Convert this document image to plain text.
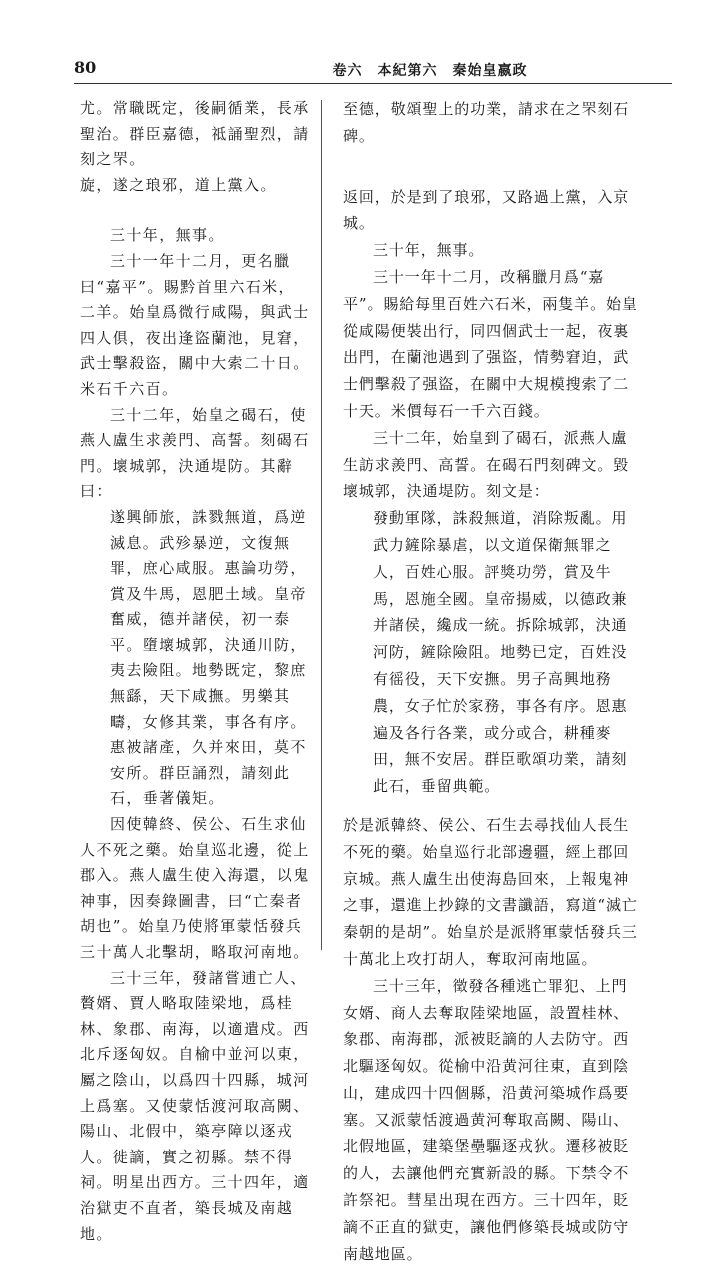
80	卷六　本紀第六　秦始皇嬴政

尤。常職既定，後嗣循業，長承聖治。群臣嘉德，祗誦聖烈，請刻之罘。

旋，遂之琅邪，道上黨入。

三十年，無事。

三十一年十二月，更名臘曰“嘉平”。賜黔首里六石米，二羊。始皇爲微行咸陽，與武士四人俱，夜出逢盜蘭池，見窘，武士擊殺盜，關中大索二十日。米石千六百。

三十二年，始皇之碣石，使燕人盧生求羨門、高誓。刻碣石門。壞城郭，決通堤防。其辭曰：

遂興師旅，誅戮無道，爲逆滅息。武殄暴逆，文復無罪，庶心咸服。惠論功勞，賞及牛馬，恩肥土域。皇帝奮威，德并諸侯，初一泰平。墮壞城郭，決通川防，夷去險阻。地勢既定，黎庶無繇，天下咸撫。男樂其疇，女修其業，事各有序。惠被諸產，久并來田，莫不安所。群臣誦烈，請刻此石，垂著儀矩。

因使韓終、侯公、石生求仙人不死之藥。始皇巡北邊，從上郡入。燕人盧生使入海還，以鬼神事，因奏錄圖書，曰“亡秦者胡也”。始皇乃使將軍蒙恬發兵三十萬人北擊胡，略取河南地。

三十三年，發諸嘗逋亡人、贅婿、賈人略取陸梁地，爲桂林、象郡、南海，以適遣戍。西北斥逐匈奴。自榆中並河以東，屬之陰山，以爲四十四縣，城河上爲塞。又使蒙恬渡河取高闕、陽山、北假中，築亭障以逐戎人。徙謫，實之初縣。禁不得祠。明星出西方。三十四年，適治獄吏不直者，築長城及南越地。

至德，敬頌聖上的功業，請求在之罘刻石碑。

返回，於是到了琅邪，又路過上黨，入京城。

三十年，無事。

三十一年十二月，改稱臘月爲“嘉平”。賜給每里百姓六石米，兩隻羊。始皇從咸陽便裝出行，同四個武士一起，夜裏出門，在蘭池遇到了强盜，情勢窘迫，武士們擊殺了强盜，在關中大規模搜索了二十天。米價每石一千六百錢。

三十二年，始皇到了碣石，派燕人盧生訪求羨門、高誓。在碣石門刻碑文。毀壞城郭，決通堤防。刻文是：

發動軍隊，誅殺無道，消除叛亂。用武力鏟除暴虐，以文道保衛無罪之人，百姓心服。評獎功勞，賞及牛馬，恩施全國。皇帝揚威，以德政兼并諸侯，纔成一統。拆除城郭，決通河防，鏟除險阻。地勢已定，百姓没有徭役，天下安撫。男子高興地務農，女子忙於家務，事各有序。恩惠遍及各行各業，或分或合，耕種麥田，無不安居。群臣歌頌功業，請刻此石，垂留典範。

於是派韓終、侯公、石生去尋找仙人長生不死的藥。始皇巡行北部邊疆，經上郡回京城。燕人盧生出使海島回來，上報鬼神之事，還進上抄錄的文書讖語，寫道“滅亡秦朝的是胡”。始皇於是派將軍蒙恬發兵三十萬北上攻打胡人，奪取河南地區。

三十三年，徵發各種逃亡罪犯、上門女婿、商人去奪取陸梁地區，設置桂林、象郡、南海郡，派被貶謫的人去防守。西北驅逐匈奴。從榆中沿黄河往東，直到陰山，建成四十四個縣，沿黄河築城作爲要塞。又派蒙恬渡過黄河奪取高闕、陽山、北假地區，建築堡壘驅逐戎狄。遷移被貶的人，去讓他們充實新設的縣。下禁令不許祭祀。彗星出現在西方。三十四年，貶謫不正直的獄吏，讓他們修築長城或防守南越地區。
